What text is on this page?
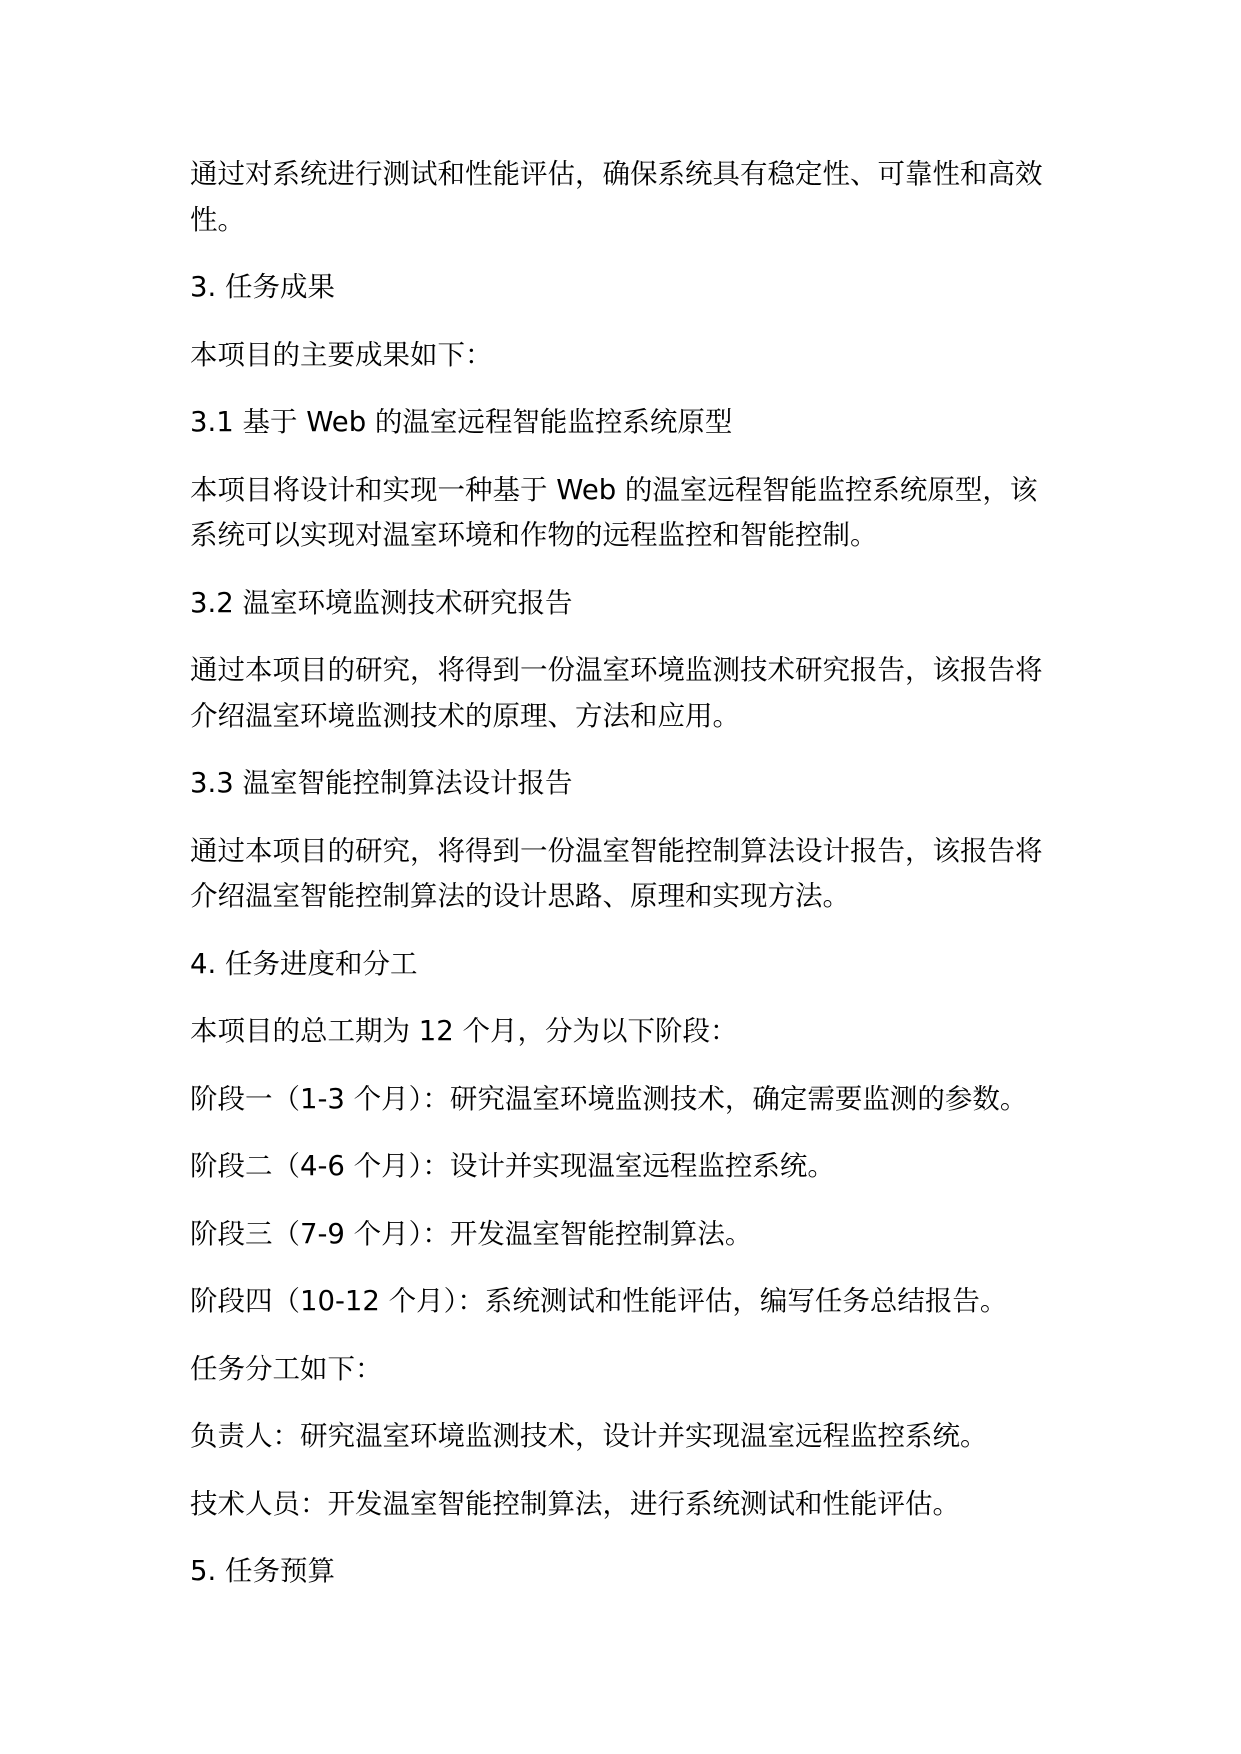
通过对系统进行测试和性能评估，确保系统具有稳定性、可靠性和高效性。

3. 任务成果

本项目的主要成果如下：

3.1 基于 Web 的温室远程智能监控系统原型

本项目将设计和实现一种基于 Web 的温室远程智能监控系统原型，该系统可以实现对温室环境和作物的远程监控和智能控制。

3.2 温室环境监测技术研究报告

通过本项目的研究，将得到一份温室环境监测技术研究报告，该报告将介绍温室环境监测技术的原理、方法和应用。

3.3 温室智能控制算法设计报告

通过本项目的研究，将得到一份温室智能控制算法设计报告，该报告将介绍温室智能控制算法的设计思路、原理和实现方法。

4. 任务进度和分工

本项目的总工期为 12 个月，分为以下阶段：

阶段一（1-3 个月）：研究温室环境监测技术，确定需要监测的参数。

阶段二（4-6 个月）：设计并实现温室远程监控系统。

阶段三（7-9 个月）：开发温室智能控制算法。

阶段四（10-12 个月）：系统测试和性能评估，编写任务总结报告。

任务分工如下：

负责人：研究温室环境监测技术，设计并实现温室远程监控系统。

技术人员：开发温室智能控制算法，进行系统测试和性能评估。

5. 任务预算
